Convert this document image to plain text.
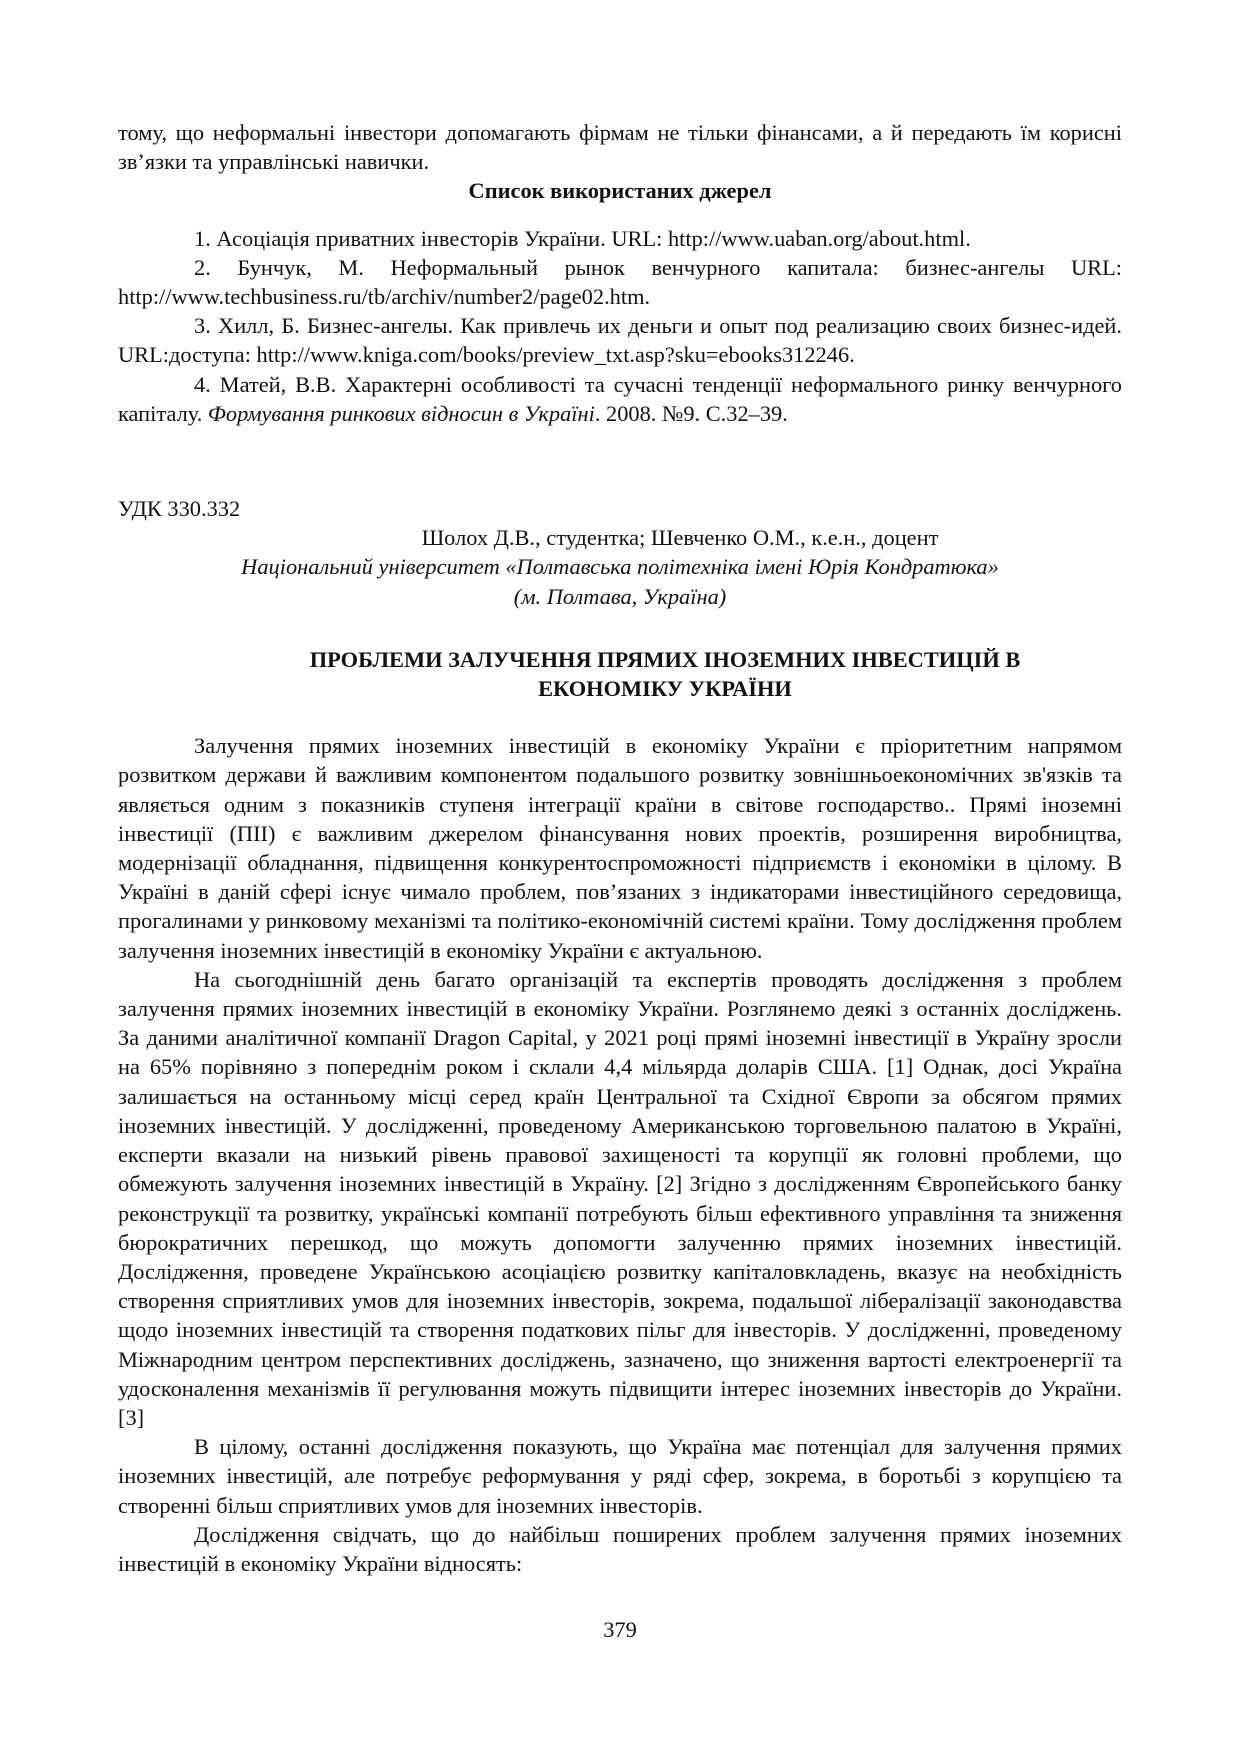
тому, що неформальні інвестори допомагають фірмам не тільки фінансами, а й передають їм корисні зв’язки та управлінські навички.

Список використаних джерел

1. Асоціація приватних інвесторів України. URL: http://www.uaban.org/about.html.

2. Бунчук, М. Неформальный рынок венчурного капитала: бизнес-ангелы URL: http://www.techbusiness.ru/tb/archiv/number2/page02.htm.

3. Хилл, Б. Бизнес-ангелы. Как привлечь их деньги и опыт под реализацию своих бизнес-идей. URL:доступа: http://www.kniga.com/books/preview_txt.asp?sku=ebooks312246.

4. Матей, В.В. Характерні особливості та сучасні тенденції неформального ринку венчурного капіталу. Формування ринкових відносин в Україні. 2008. №9. С.32–39.

УДК 330.332

Шолох Д.В., студентка; Шевченко О.М., к.е.н., доцент

Національний університет «Полтавська політехніка імені Юрія Кондратюка»

(м. Полтава, Україна)

ПРОБЛЕМИ ЗАЛУЧЕННЯ ПРЯМИХ ІНОЗЕМНИХ ІНВЕСТИЦІЙ В
ЕКОНОМІКУ УКРАЇНИ

Залучення прямих іноземних інвестицій в економіку України є пріоритетним напрямом розвитком держави й важливим компонентом подальшого розвитку зовнішньоекономічних зв'язків та являється одним з показників ступеня інтеграції країни в світове господарство.. Прямі іноземні інвестиції (ПІІ) є важливим джерелом фінансування нових проектів, розширення виробництва, модернізації обладнання, підвищення конкурентоспроможності підприємств і економіки в цілому. В Україні в даній сфері існує чимало проблем, пов’язаних з індикаторами інвестиційного середовища, прогалинами у ринковому механізмі та політико-економічній системі країни. Тому дослідження проблем залучення іноземних інвестицій в економіку України є актуальною.

На сьогоднішній день багато організацій та експертів проводять дослідження з проблем залучення прямих іноземних інвестицій в економіку України. Розглянемо деякі з останніх досліджень. За даними аналітичної компанії Dragon Capital, у 2021 році прямі іноземні інвестиції в Україну зросли на 65% порівняно з попереднім роком і склали 4,4 мільярда доларів США. [1] Однак, досі Україна залишається на останньому місці серед країн Центральної та Східної Європи за обсягом прямих іноземних інвестицій. У дослідженні, проведеному Американською торговельною палатою в Україні, експерти вказали на низький рівень правової захищеності та корупції як головні проблеми, що обмежують залучення іноземних інвестицій в Україну. [2] Згідно з дослідженням Європейського банку реконструкції та розвитку, українські компанії потребують більш ефективного управління та зниження бюрократичних перешкод, що можуть допомогти залученню прямих іноземних інвестицій. Дослідження, проведене Українською асоціацією розвитку капіталовкладень, вказує на необхідність створення сприятливих умов для іноземних інвесторів, зокрема, подальшої лібералізації законодавства щодо іноземних інвестицій та створення податкових пільг для інвесторів. У дослідженні, проведеному Міжнародним центром перспективних досліджень, зазначено, що зниження вартості електроенергії та удосконалення механізмів її регулювання можуть підвищити інтерес іноземних інвесторів до України. [3]

В цілому, останні дослідження показують, що Україна має потенціал для залучення прямих іноземних інвестицій, але потребує реформування у ряді сфер, зокрема, в боротьбі з корупцією та створенні більш сприятливих умов для іноземних інвесторів.

Дослідження свідчать, що до найбільш поширених проблем залучення прямих іноземних інвестицій в економіку України відносять:

379
